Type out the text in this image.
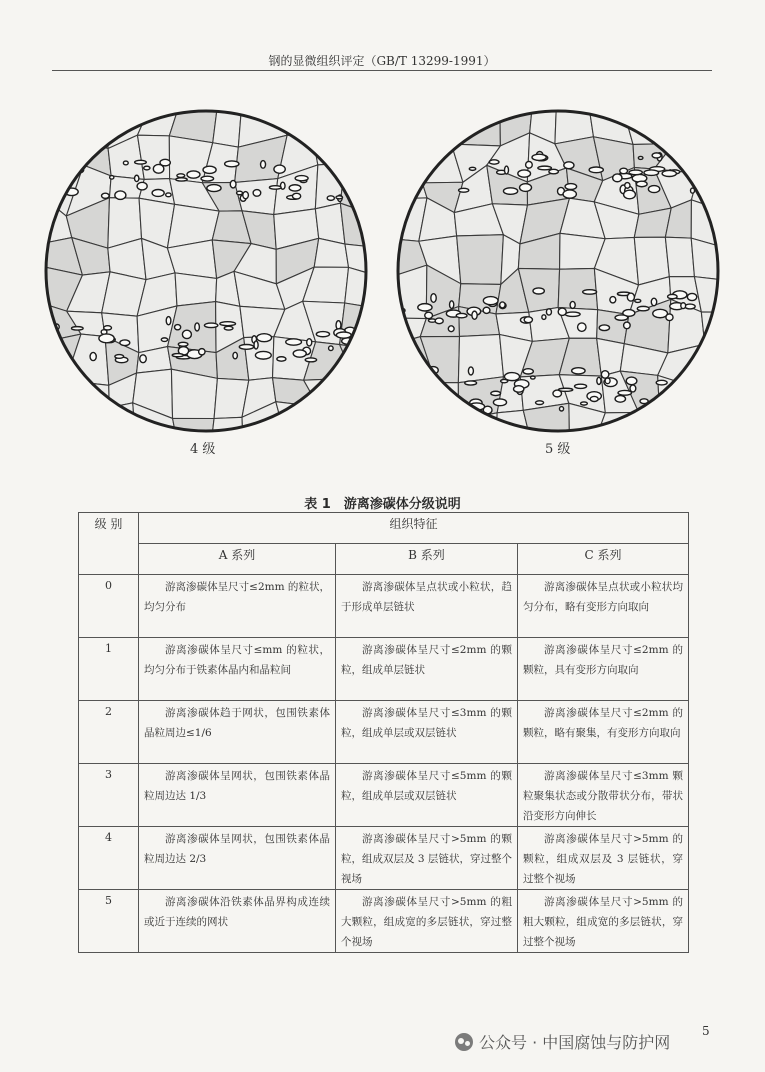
钢的显微组织评定（GB/T 13299-1991）
4 级	5 级
表 1　游离渗碳体分级说明
级 别	组织特征		
	A 系列	B 系列	C 系列
0	游离渗碳体呈尺寸≤2mm 的粒状，均匀分布	游离渗碳体呈点状或小粒状，趋于形成单层链状	游离渗碳体呈点状或小粒状均匀分布，略有变形方向取向
1	游离渗碳体呈尺寸≤mm 的粒状，均匀分布于铁素体晶内和晶粒间	游离渗碳体呈尺寸≤2mm 的颗粒，组成单层链状	游离渗碳体呈尺寸≤2mm 的颗粒，具有变形方向取向
2	游离渗碳体趋于网状，包围铁素体晶粒周边≤1/6	游离渗碳体呈尺寸≤3mm 的颗粒，组成单层或双层链状	游离渗碳体呈尺寸≤2mm 的颗粒，略有聚集，有变形方向取向
3	游离渗碳体呈网状，包围铁素体晶粒周边达 1/3	游离渗碳体呈尺寸≤5mm 的颗粒，组成单层或双层链状	游离渗碳体呈尺寸≤3mm 颗粒聚集状态或分散带状分布，带状沿变形方向伸长
4	游离渗碳体呈网状，包围铁素体晶粒周边达 2/3	游离渗碳体呈尺寸>5mm 的颗粒，组成双层及 3 层链状，穿过整个视场	游离渗碳体呈尺寸>5mm 的颗粒，组成双层及 3 层链状，穿过整个视场
5	游离渗碳体沿铁素体晶界构成连续或近于连续的网状	游离渗碳体呈尺寸>5mm 的粗大颗粒，组成宽的多层链状，穿过整个视场	游离渗碳体呈尺寸>5mm 的粗大颗粒，组成宽的多层链状，穿过整个视场
公众号 · 中国腐蚀与防护网
5
